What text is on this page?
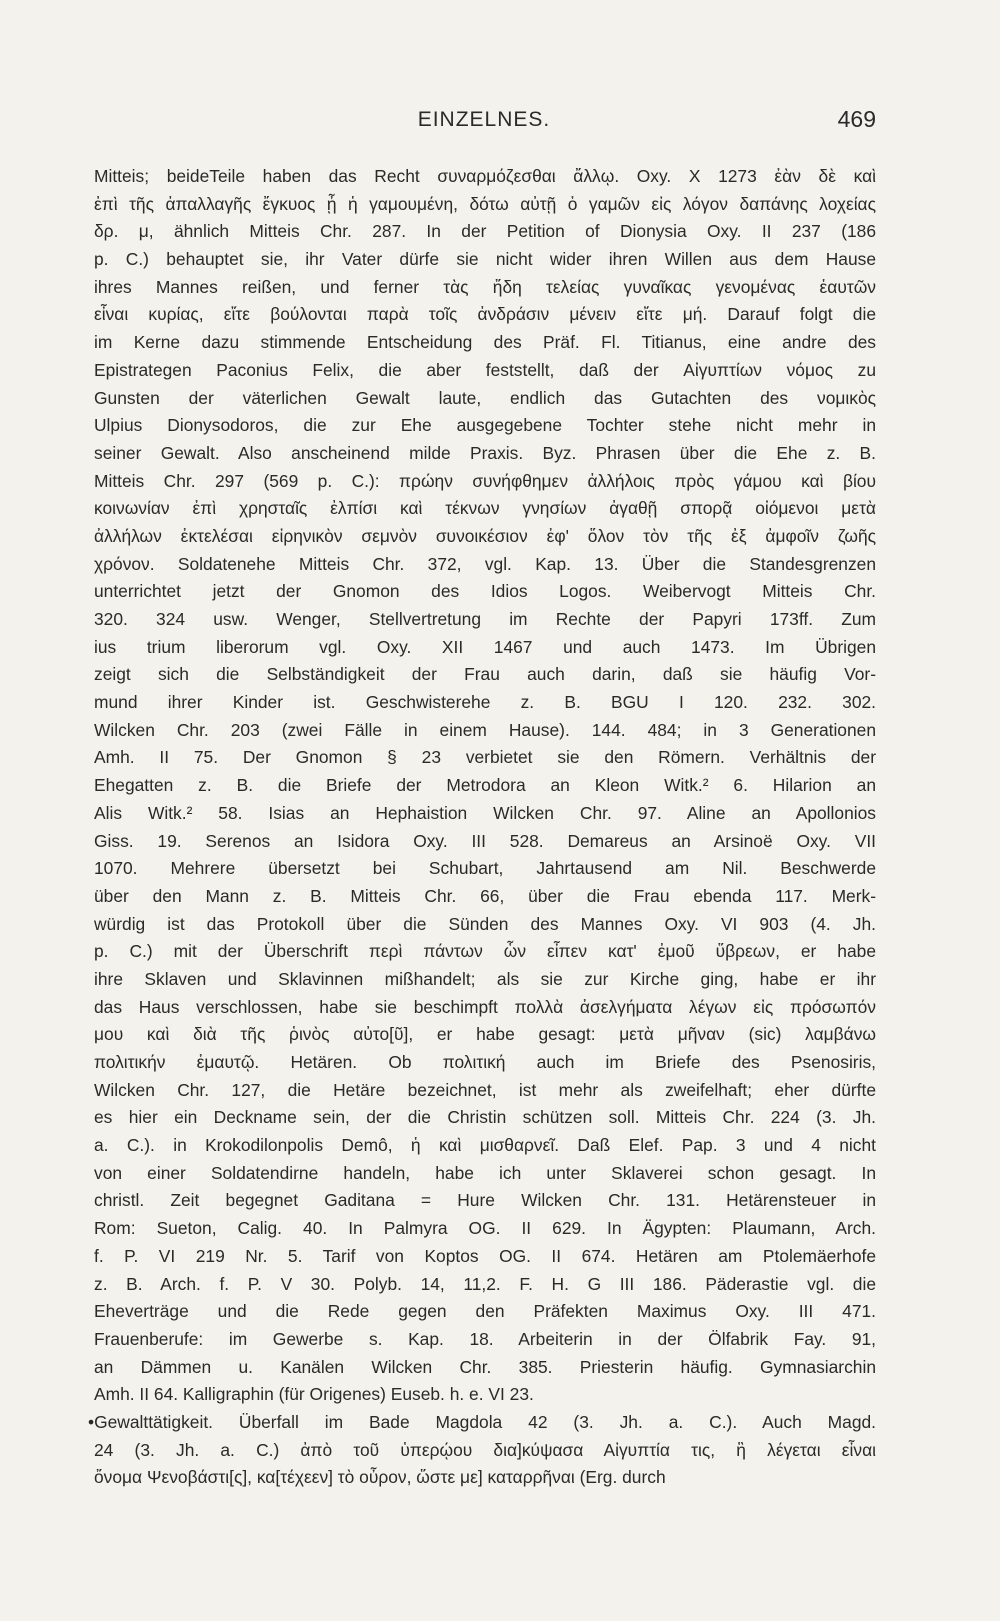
EINZELNES.	469
Mitteis; beideTeile haben das Recht συναρμόζεσθαι ἄλλῳ. Oxy. X 1273 ἐὰν δὲ καὶ
ἐπὶ τῆς ἀπαλλαγῆς ἔγκυος ᾖ ἡ γαμουμένη, δότω αὐτῇ ὁ γαμῶν εἰς λόγον δαπάνης λοχείας
δρ. μ, ähnlich Mitteis Chr. 287. In der Petition of Dionysia Oxy. II 237 (186
p. C.) behauptet sie, ihr Vater dürfe sie nicht wider ihren Willen aus dem Hause
ihres Mannes reißen, und ferner τὰς ἤδη τελείας γυναῖκας γενομένας ἑαυτῶν
εἶναι κυρίας, εἴτε βούλονται παρὰ τοῖς ἀνδράσιν μένειν εἴτε μή. Darauf folgt die
im Kerne dazu stimmende Entscheidung des Präf. Fl. Titianus, eine andre des
Epistrategen Paconius Felix, die aber feststellt, daß der Αἰγυπτίων νόμος zu
Gunsten der väterlichen Gewalt laute, endlich das Gutachten des νομικὸς
Ulpius Dionysodoros, die zur Ehe ausgegebene Tochter stehe nicht mehr in
seiner Gewalt. Also anscheinend milde Praxis. Byz. Phrasen über die Ehe z. B.
Mitteis Chr. 297 (569 p. C.): πρώην συνήφθημεν ἀλλήλοις πρὸς γάμου καὶ βίου
κοινωνίαν ἐπὶ χρησταῖς ἐλπίσι καὶ τέκνων γνησίων ἀγαθῇ σπορᾷ οἰόμενοι μετὰ
ἀλλήλων ἐκτελέσαι εἰρηνικὸν σεμνὸν συνοικέσιον ἐφ' ὅλον τὸν τῆς ἐξ ἀμφοῖν ζωῆς
χρόνον. Soldatenehe Mitteis Chr. 372, vgl. Kap. 13. Über die Standesgrenzen
unterrichtet jetzt der Gnomon des Idios Logos. Weibervogt Mitteis Chr.
320. 324 usw. Wenger, Stellvertretung im Rechte der Papyri 173ff. Zum
ius trium liberorum vgl. Oxy. XII 1467 und auch 1473. Im Übrigen
zeigt sich die Selbständigkeit der Frau auch darin, daß sie häufig Vor-
mund ihrer Kinder ist. Geschwisterehe z. B. BGU I 120. 232. 302.
Wilcken Chr. 203 (zwei Fälle in einem Hause). 144. 484; in 3 Generationen
Amh. II 75. Der Gnomon § 23 verbietet sie den Römern. Verhältnis der
Ehegatten z. B. die Briefe der Metrodora an Kleon Witk.² 6. Hilarion an
Alis Witk.² 58. Isias an Hephaistion Wilcken Chr. 97. Aline an Apollonios
Giss. 19. Serenos an Isidora Oxy. III 528. Demareus an Arsinoë Oxy. VII
1070. Mehrere übersetzt bei Schubart, Jahrtausend am Nil. Beschwerde
über den Mann z. B. Mitteis Chr. 66, über die Frau ebenda 117. Merk-
würdig ist das Protokoll über die Sünden des Mannes Oxy. VI 903 (4. Jh.
p. C.) mit der Überschrift περὶ πάντων ὧν εἶπεν κατ' ἐμοῦ ὕβρεων, er habe
ihre Sklaven und Sklavinnen mißhandelt; als sie zur Kirche ging, habe er ihr
das Haus verschlossen, habe sie beschimpft πολλὰ ἀσελγήματα λέγων εἰς πρόσωπόν
μου καὶ διὰ τῆς ῥινὸς αὐτο[ῦ], er habe gesagt: μετὰ μῆναν (sic) λαμβάνω
πολιτικήν ἐμαυτῷ. Hetären. Ob πολιτική auch im Briefe des Psenosiris,
Wilcken Chr. 127, die Hetäre bezeichnet, ist mehr als zweifelhaft; eher dürfte
es hier ein Deckname sein, der die Christin schützen soll. Mitteis Chr. 224 (3. Jh.
a. C.). in Krokodilonpolis Demô, ἡ καὶ μισθαρνεῖ. Daß Elef. Pap. 3 und 4 nicht
von einer Soldatendirne handeln, habe ich unter Sklaverei schon gesagt. In
christl. Zeit begegnet Gaditana = Hure Wilcken Chr. 131. Hetärensteuer in
Rom: Sueton, Calig. 40. In Palmyra OG. II 629. In Ägypten: Plaumann, Arch.
f. P. VI 219 Nr. 5. Tarif von Koptos OG. II 674. Hetären am Ptolemäerhofe
z. B. Arch. f. P. V 30. Polyb. 14, 11,2. F. H. G III 186. Päderastie vgl. die
Eheverträge und die Rede gegen den Präfekten Maximus Oxy. III 471.
Frauenberufe: im Gewerbe s. Kap. 18. Arbeiterin in der Ölfabrik Fay. 91,
an Dämmen u. Kanälen Wilcken Chr. 385. Priesterin häufig. Gymnasiarchin
Amh. II 64. Kalligraphin (für Origenes) Euseb. h. e. VI 23.
•Gewalttätigkeit. Überfall im Bade Magdola 42 (3. Jh. a. C.). Auch Magd.
24 (3. Jh. a. C.) ἀπὸ τοῦ ὑπερῴου δια]κύψασα Αἰγυπτία τις, ἣ λέγεται εἶναι
ὄνομα Ψενοβάστι[ς], κα[τέχεεν] τὸ οὖρον, ὥστε με] καταρρῆναι (Erg. durch
